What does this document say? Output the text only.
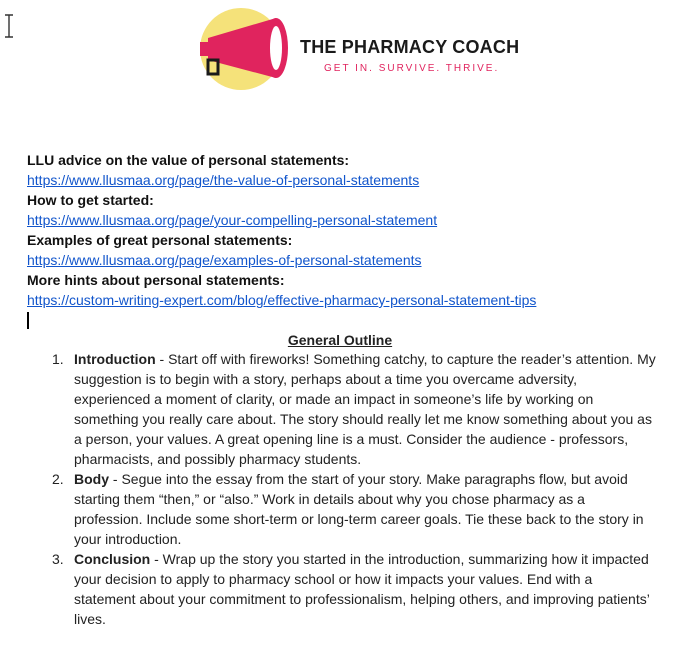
THE PHARMACY COACH
GET IN. SURVIVE. THRIVE.
LLU advice on the value of personal statements:
https://www.llusmaa.org/page/the-value-of-personal-statements
How to get started:
https://www.llusmaa.org/page/your-compelling-personal-statement
Examples of great personal statements:
https://www.llusmaa.org/page/examples-of-personal-statements
More hints about personal statements:
https://custom-writing-expert.com/blog/effective-pharmacy-personal-statement-tips
General Outline
1. Introduction - Start off with fireworks! Something catchy, to capture the reader’s attention. My suggestion is to begin with a story, perhaps about a time you overcame adversity, experienced a moment of clarity, or made an impact in someone’s life by working on something you really care about. The story should really let me know something about you as a person, your values. A great opening line is a must. Consider the audience - professors, pharmacists, and possibly pharmacy students.
2. Body - Segue into the essay from the start of your story. Make paragraphs flow, but avoid starting them “then,” or “also.” Work in details about why you chose pharmacy as a profession. Include some short-term or long-term career goals. Tie these back to the story in your introduction.
3. Conclusion - Wrap up the story you started in the introduction, summarizing how it impacted your decision to apply to pharmacy school or how it impacts your values. End with a statement about your commitment to professionalism, helping others, and improving patients’ lives.
